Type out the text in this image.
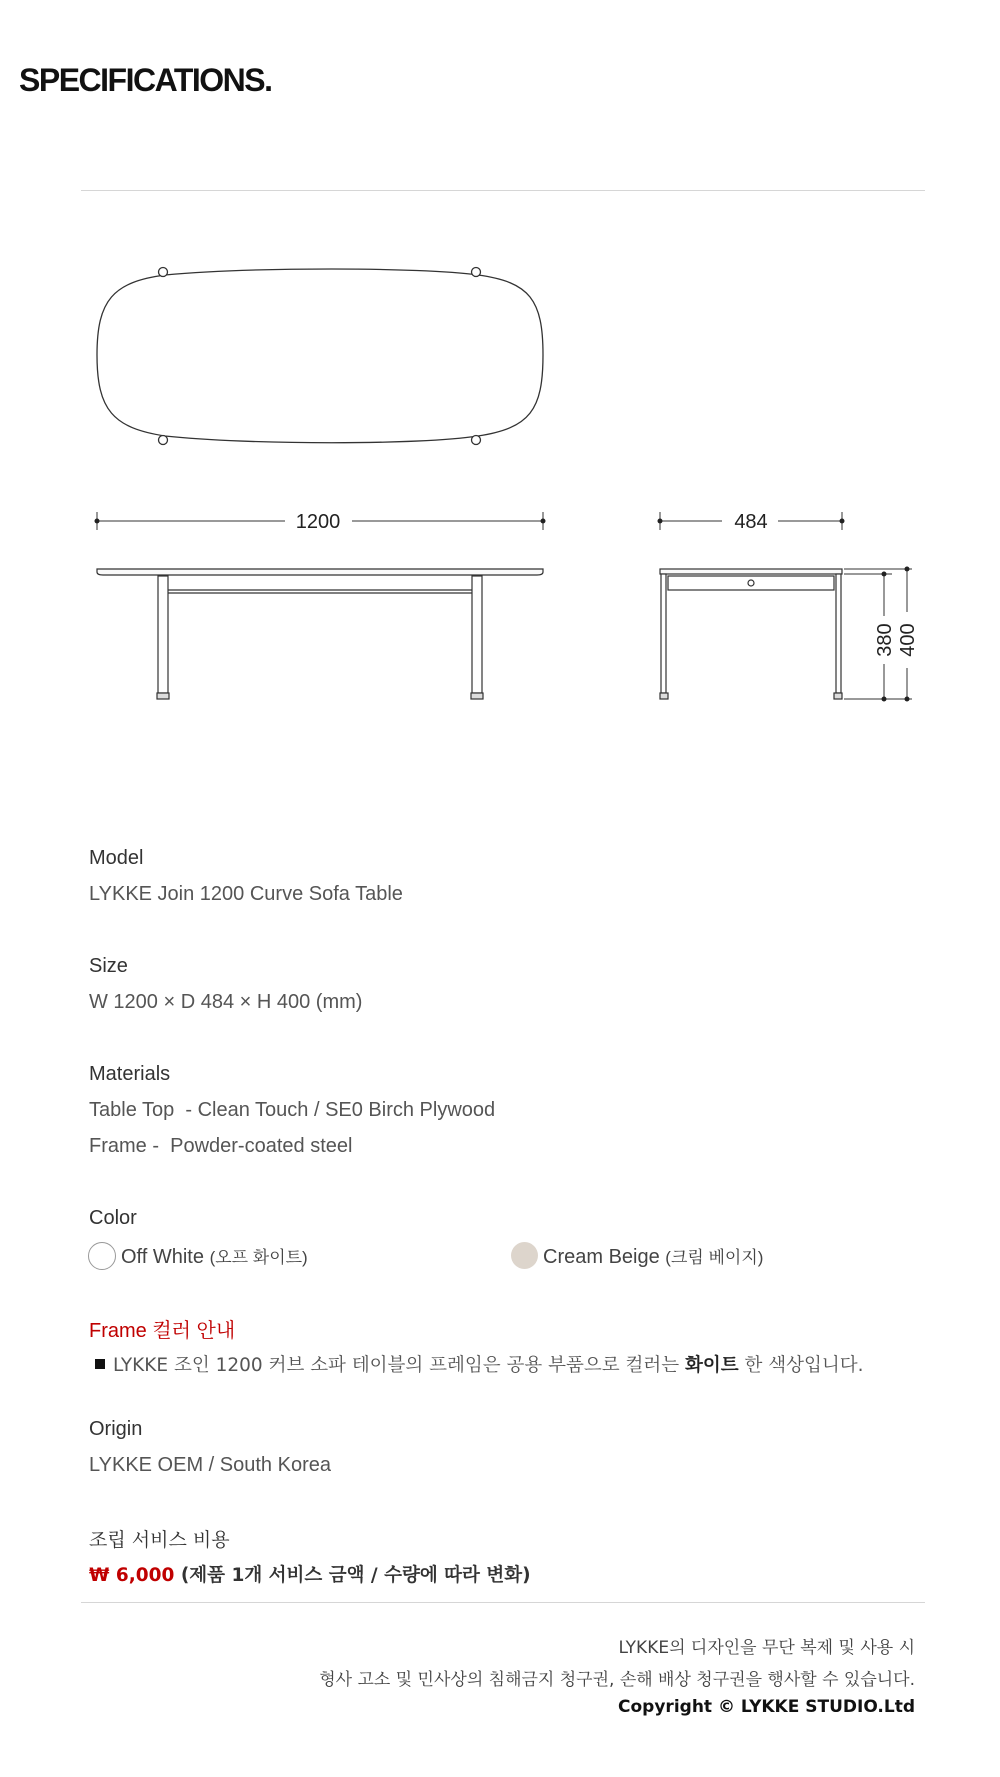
SPECIFICATIONS.
1200	484
380 400
Model
LYKKE Join 1200 Curve Sofa Table
Size
W 1200 × D 484 × H 400 (mm)
Materials
Table Top  - Clean Touch / SE0 Birch Plywood
Frame -  Powder-coated steel
Color
Off White (오프 화이트)	Cream Beige (크림 베이지)
Frame 컬러 안내
LYKKE 조인 1200 커브 소파 테이블의 프레임은 공용 부품으로 컬러는 화이트 한 색상입니다.
Origin
LYKKE OEM / South Korea
조립 서비스 비용
₩ 6,000 (제품 1개 서비스 금액 / 수량에 따라 변화)
LYKKE의 디자인을 무단 복제 및 사용 시
형사 고소 및 민사상의 침해금지 청구권, 손해 배상 청구권을 행사할 수 있습니다.
Copyright © LYKKE STUDIO.Ltd
